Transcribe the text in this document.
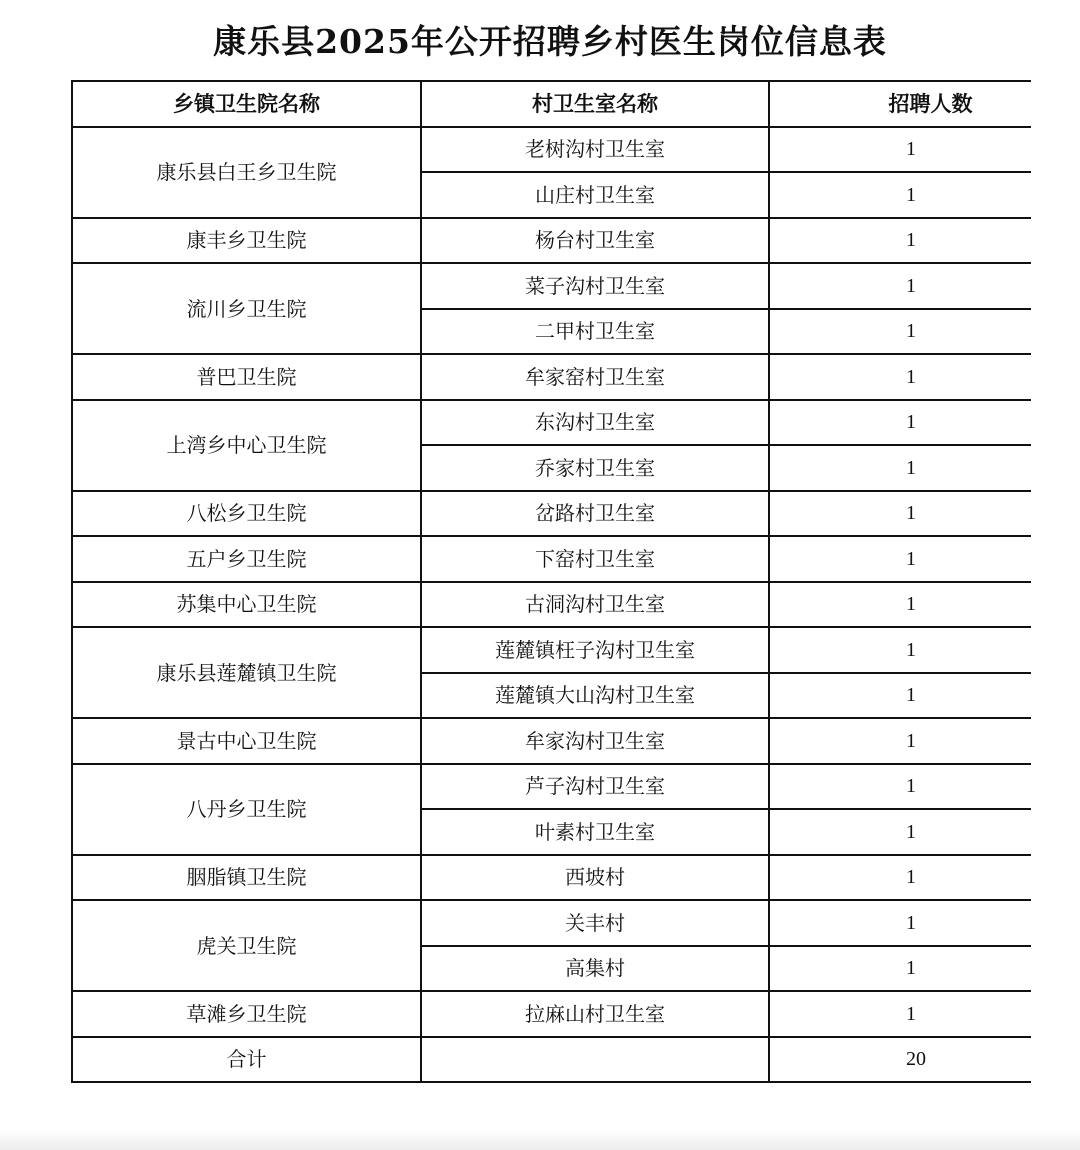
康乐县2025年公开招聘乡村医生岗位信息表
乡镇卫生院名称	村卫生室名称	招聘人数
康乐县白王乡卫生院	老树沟村卫生室	1
	山庄村卫生室	1
康丰乡卫生院	杨台村卫生室	1
流川乡卫生院	菜子沟村卫生室	1
	二甲村卫生室	1
普巴卫生院	牟家窑村卫生室	1
上湾乡中心卫生院	东沟村卫生室	1
	乔家村卫生室	1
八松乡卫生院	岔路村卫生室	1
五户乡卫生院	下窑村卫生室	1
苏集中心卫生院	古洞沟村卫生室	1
康乐县莲麓镇卫生院	莲麓镇枉子沟村卫生室	1
	莲麓镇大山沟村卫生室	1
景古中心卫生院	牟家沟村卫生室	1
八丹乡卫生院	芦子沟村卫生室	1
	叶素村卫生室	1
胭脂镇卫生院	西坡村	1
虎关卫生院	关丰村	1
	高集村	1
草滩乡卫生院	拉麻山村卫生室	1
合计		20
